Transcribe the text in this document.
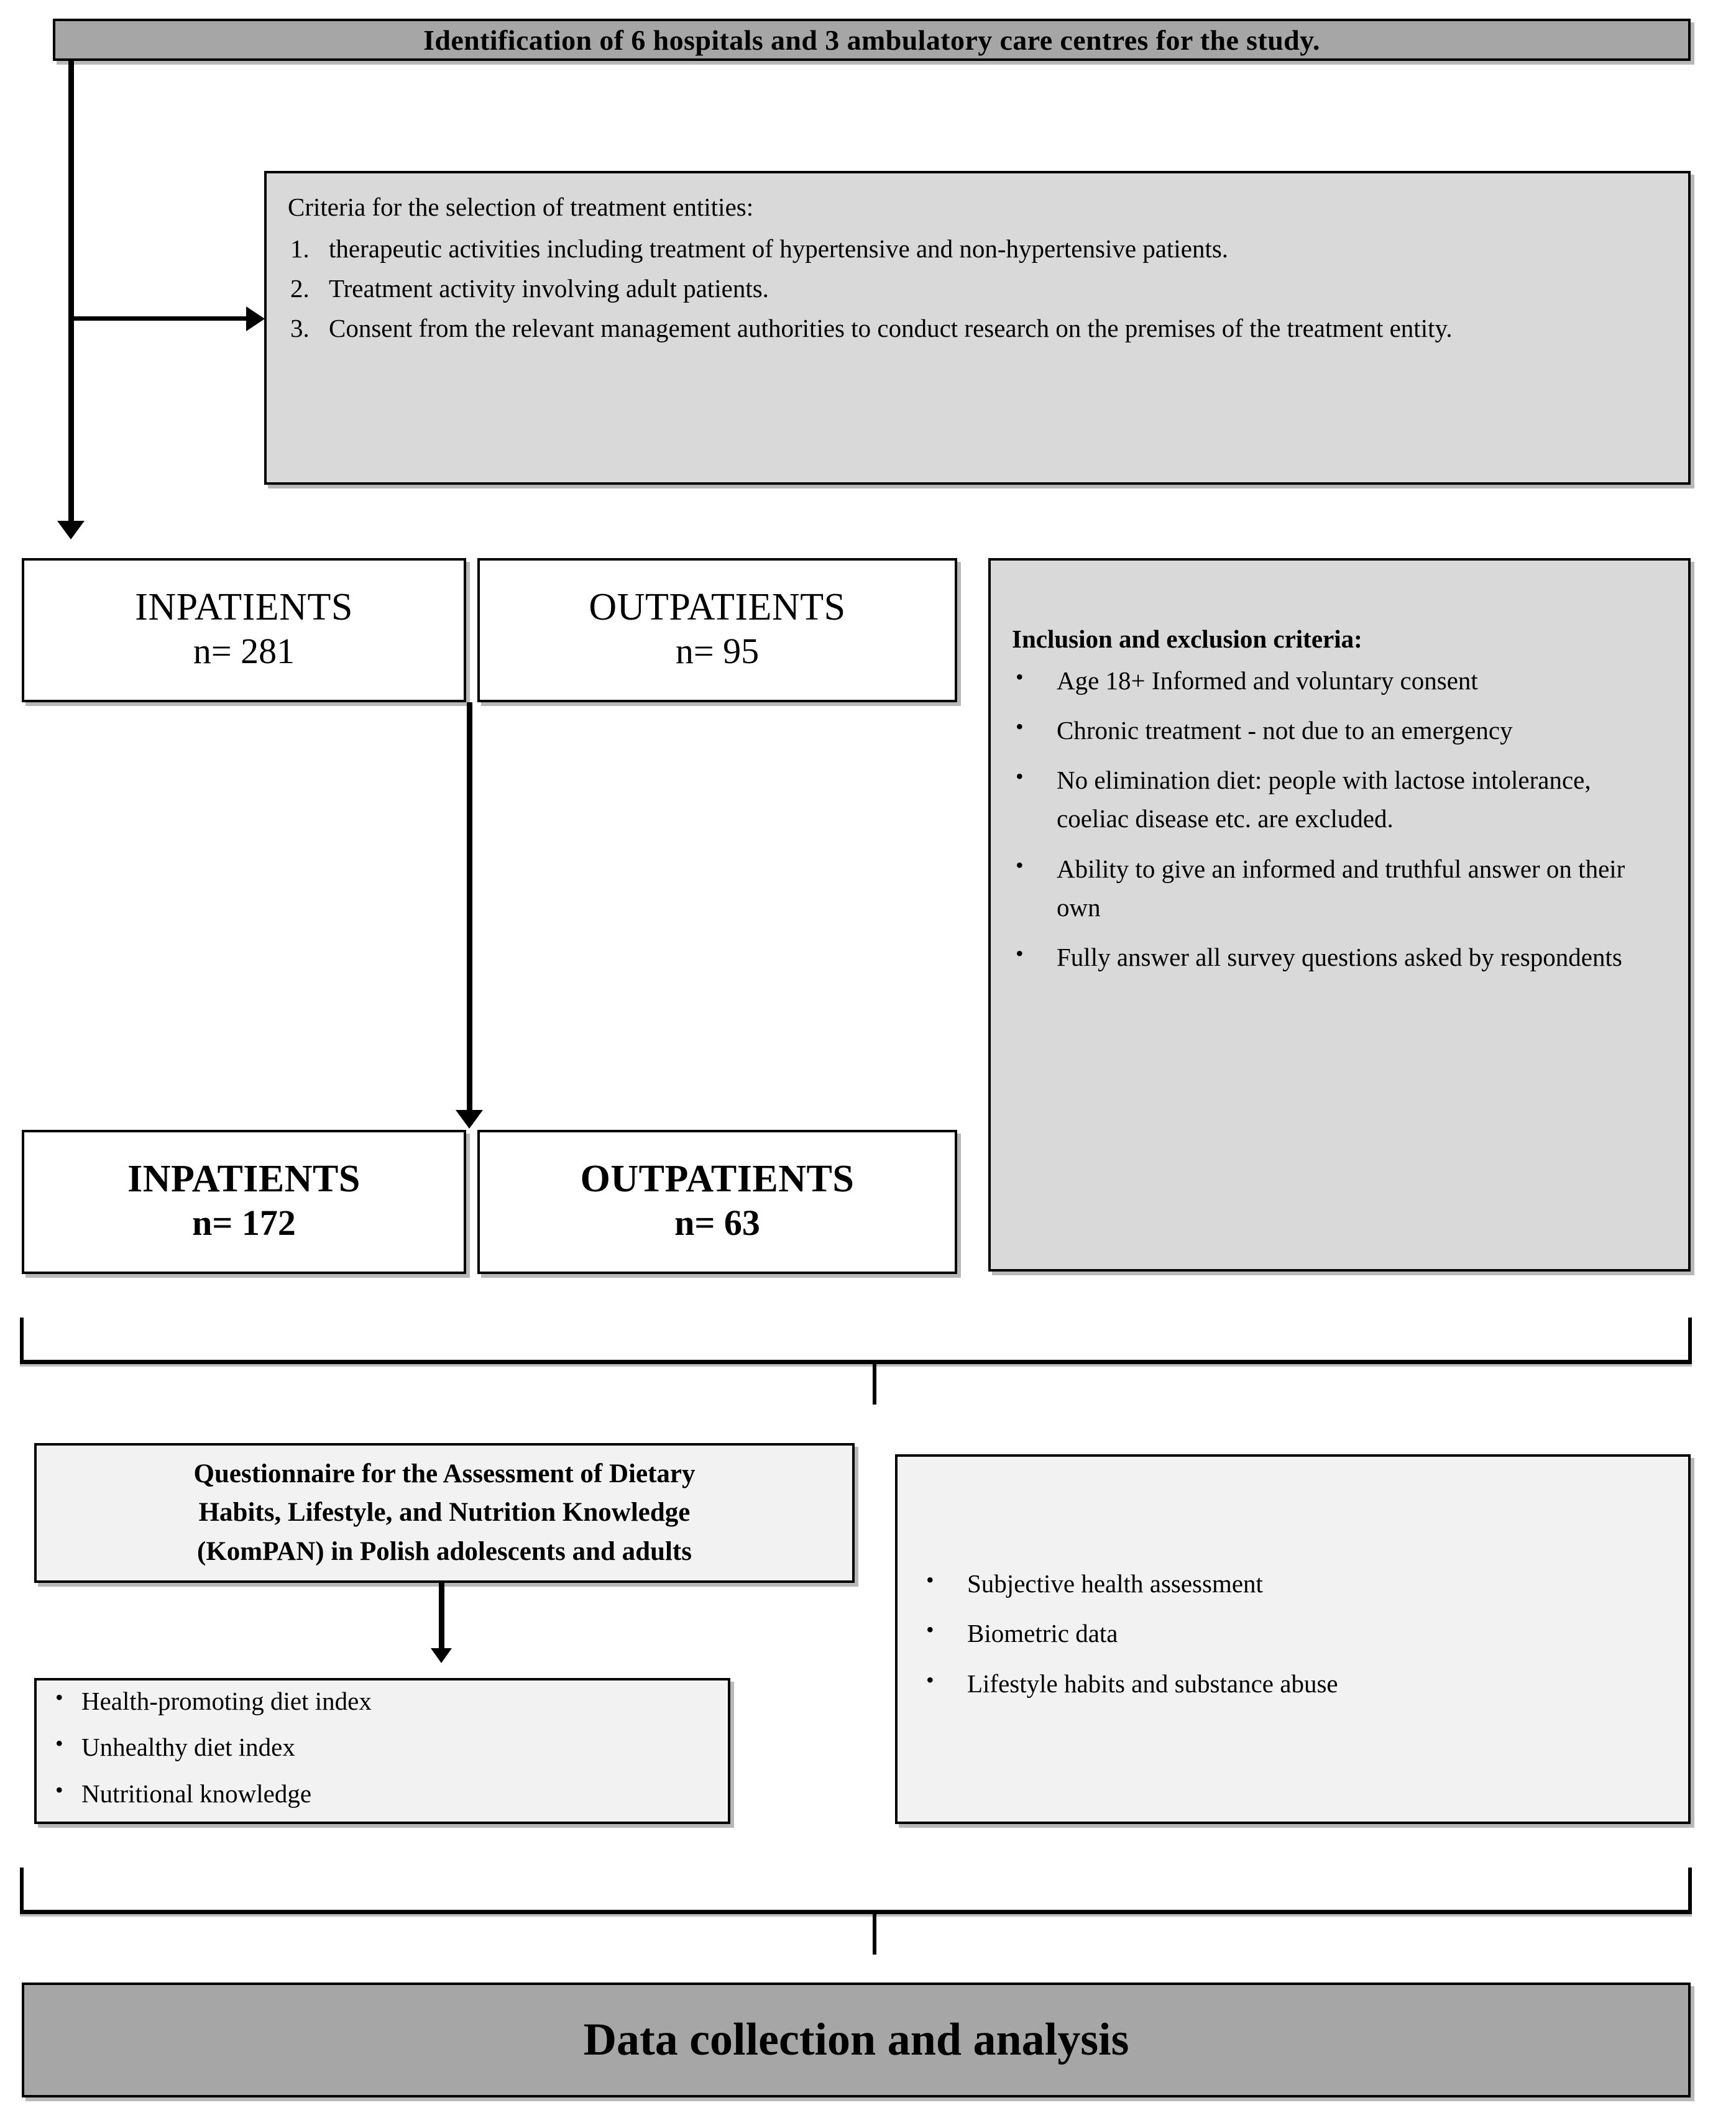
Identification of 6 hospitals and 3 ambulatory care centres for the study.
Criteria for the selection of treatment entities:
therapeutic activities including treatment of hypertensive and non-hypertensive patients.
Treatment activity involving adult patients.
Consent from the relevant management authorities to conduct research on the premises of the treatment entity.
INPATIENTS
n= 281
OUTPATIENTS
n= 95	Inclusion and exclusion criteria:
• Age 18+ Informed and voluntary consent
• Chronic treatment - not due to an emergency
• No elimination diet: people with lactose intolerance, coeliac disease etc. are excluded.
• Ability to give an informed and truthful answer on their own
• Fully answer all survey questions asked by respondents
INPATIENTS
n= 172
OUTPATIENTS
n= 63
Questionnaire for the Assessment of Dietary
Habits, Lifestyle, and Nutrition Knowledge
(KomPAN) in Polish adolescents and adults
• Health-promoting diet index
• Unhealthy diet index
• Nutritional knowledge
• Subjective health assessment
• Biometric data
• Lifestyle habits and substance abuse
Data collection and analysis
